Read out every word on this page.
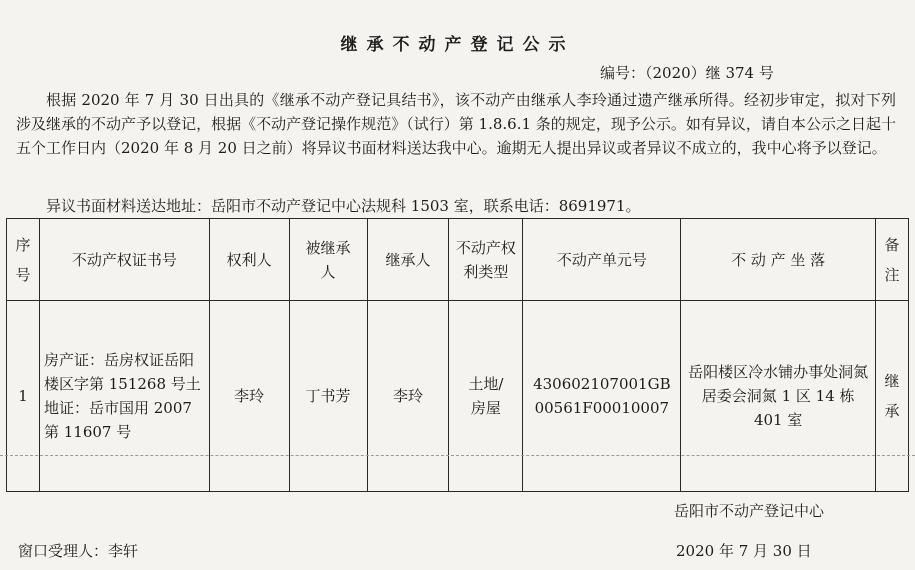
继承不动产登记公示
编号：（2020）继 374 号
根据 2020 年 7 月 30 日出具的《继承不动产登记具结书》，该不动产由继承人李玲通过遗产继承所得。经初步审定，拟对下列涉及继承的不动产予以登记，根据《不动产登记操作规范》（试行）第 1.8.6.1 条的规定，现予公示。如有异议，请自本公示之日起十五个工作日内（2020 年 8 月 20 日之前）将异议书面材料送达我中心。逾期无人提出异议或者异议不成立的，我中心将予以登记。
异议书面材料送达地址：岳阳市不动产登记中心法规科 1503 室，联系电话：8691971。
序号	不动产权证书号	权利人	被继承人	继承人	不动产权利类型	不动产单元号	不 动 产 坐 落	备注
1	房产证：岳房权证岳阳楼区字第 151268 号土地证：岳市国用 2007 第 11607 号	李玲	丁书芳	李玲	土地/房屋	430602107001GB00561F00010007	岳阳楼区冷水铺办事处洞氮居委会洞氮 1 区 14 栋 401 室	继承
岳阳市不动产登记中心
窗口受理人：李轩	2020 年 7 月 30 日
